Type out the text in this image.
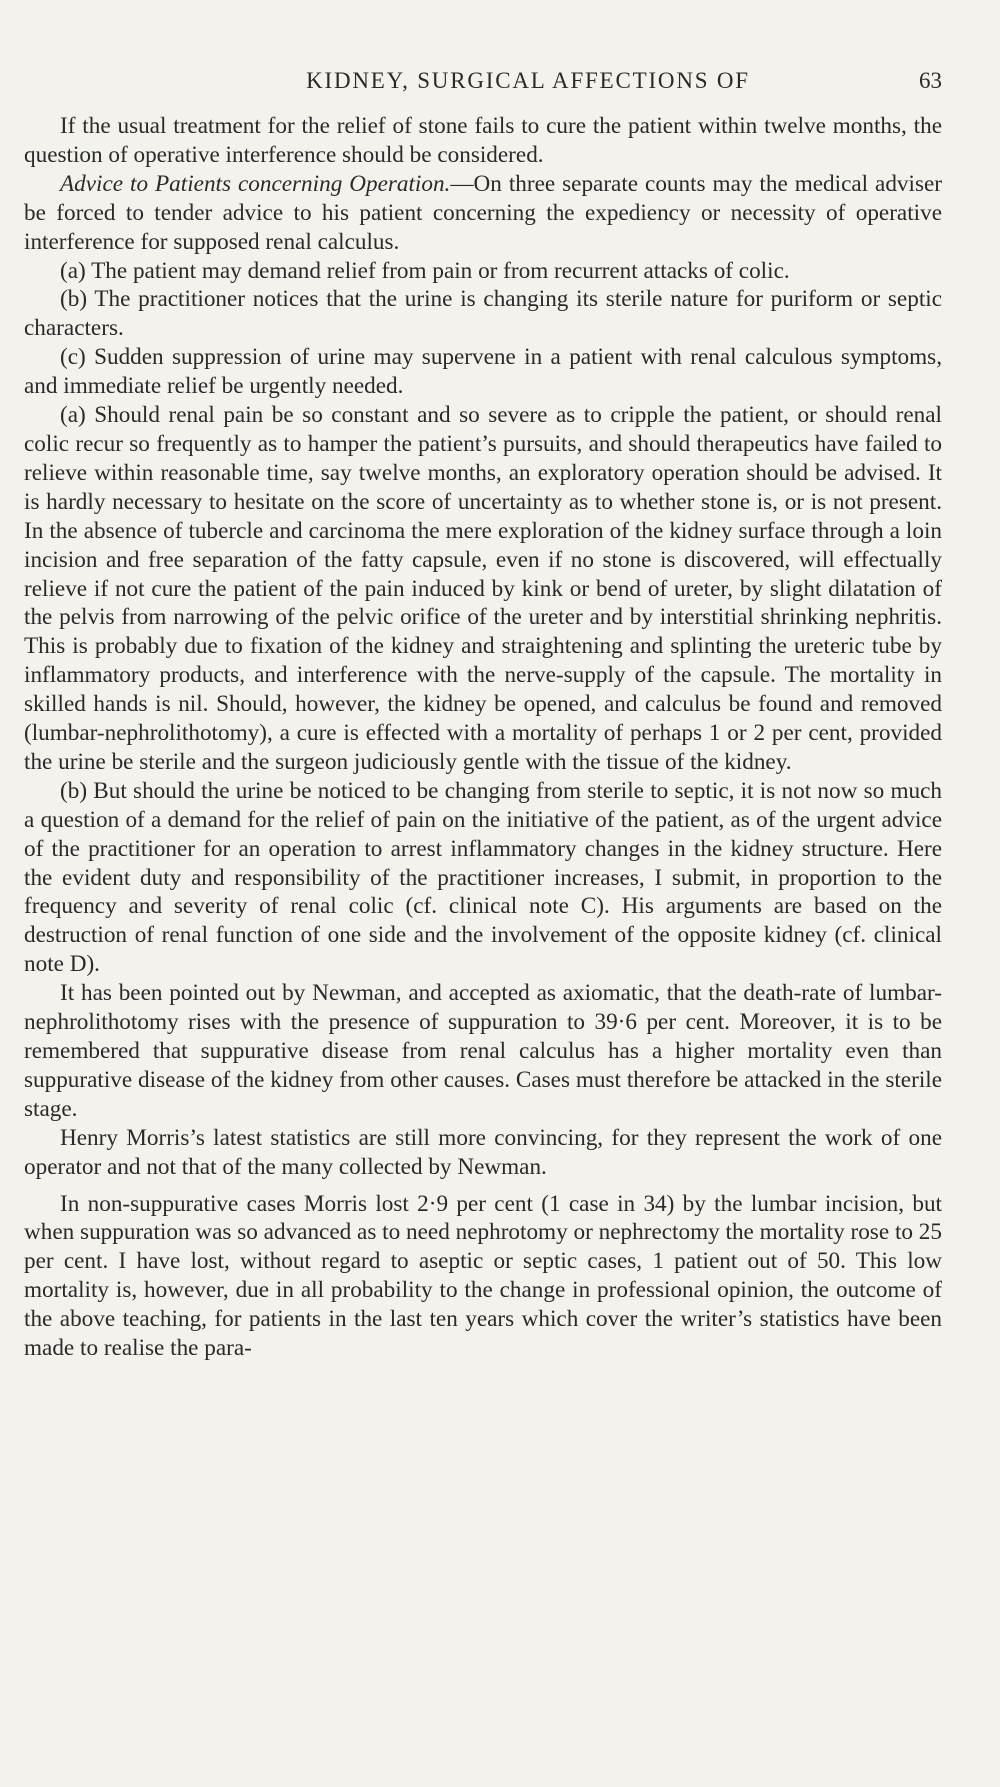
KIDNEY, SURGICAL AFFECTIONS OF	63

If the usual treatment for the relief of stone fails to cure the patient within twelve months, the question of operative interference should be considered.

Advice to Patients concerning Operation.—On three separate counts may the medical adviser be forced to tender advice to his patient concerning the expediency or necessity of operative interference for supposed renal calculus.

(a) The patient may demand relief from pain or from recurrent attacks of colic.

(b) The practitioner notices that the urine is changing its sterile nature for puriform or septic characters.

(c) Sudden suppression of urine may supervene in a patient with renal calculous symptoms, and immediate relief be urgently needed.

(a) Should renal pain be so constant and so severe as to cripple the patient, or should renal colic recur so frequently as to hamper the patient’s pursuits, and should therapeutics have failed to relieve within reasonable time, say twelve months, an exploratory operation should be advised. It is hardly necessary to hesitate on the score of uncertainty as to whether stone is, or is not present. In the absence of tubercle and carcinoma the mere exploration of the kidney surface through a loin incision and free separation of the fatty capsule, even if no stone is discovered, will effectually relieve if not cure the patient of the pain induced by kink or bend of ureter, by slight dilatation of the pelvis from narrowing of the pelvic orifice of the ureter and by interstitial shrinking nephritis. This is probably due to fixation of the kidney and straightening and splinting the ureteric tube by inflammatory products, and interference with the nerve-supply of the capsule. The mortality in skilled hands is nil. Should, however, the kidney be opened, and calculus be found and removed (lumbar-nephrolithotomy), a cure is effected with a mortality of perhaps 1 or 2 per cent, provided the urine be sterile and the surgeon judiciously gentle with the tissue of the kidney.

(b) But should the urine be noticed to be changing from sterile to septic, it is not now so much a question of a demand for the relief of pain on the initiative of the patient, as of the urgent advice of the practitioner for an operation to arrest inflammatory changes in the kidney structure. Here the evident duty and responsibility of the practitioner increases, I submit, in proportion to the frequency and severity of renal colic (cf. clinical note C). His arguments are based on the destruction of renal function of one side and the involvement of the opposite kidney (cf. clinical note D).

It has been pointed out by Newman, and accepted as axiomatic, that the death-rate of lumbar-nephrolithotomy rises with the presence of suppuration to 39·6 per cent. Moreover, it is to be remembered that suppurative disease from renal calculus has a higher mortality even than suppurative disease of the kidney from other causes. Cases must therefore be attacked in the sterile stage.

Henry Morris’s latest statistics are still more convincing, for they represent the work of one operator and not that of the many collected by Newman.

In non-suppurative cases Morris lost 2·9 per cent (1 case in 34) by the lumbar incision, but when suppuration was so advanced as to need nephrotomy or nephrectomy the mortality rose to 25 per cent. I have lost, without regard to aseptic or septic cases, 1 patient out of 50. This low mortality is, however, due in all probability to the change in professional opinion, the outcome of the above teaching, for patients in the last ten years which cover the writer’s statistics have been made to realise the para-
